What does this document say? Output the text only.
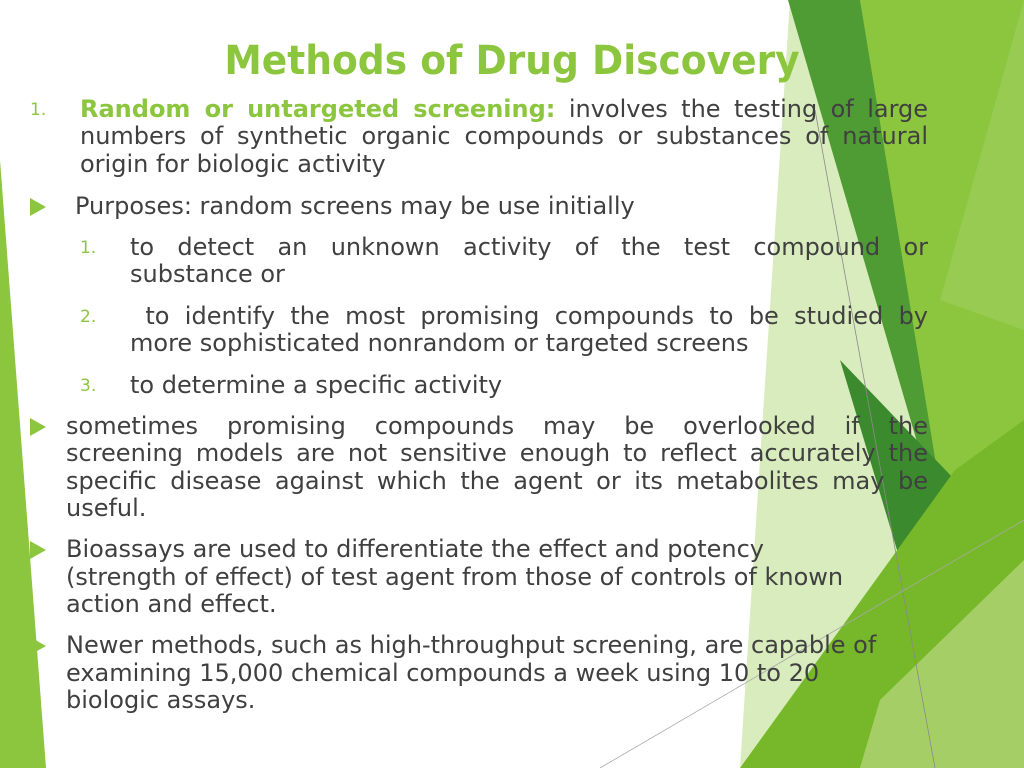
Methods of Drug Discovery
1. Random or untargeted screening: involves the testing of large
numbers of synthetic organic compounds or substances of natural
origin for biologic activity
Purposes: random screens may be use initially
1. to detect an unknown activity of the test compound or
substance or
2. to identify the most promising compounds to be studied by
more sophisticated nonrandom or targeted screens
3. to determine a specific activity
sometimes promising compounds may be overlooked if the
screening models are not sensitive enough to reflect accurately the
specific disease against which the agent or its metabolites may be
useful.
Bioassays are used to differentiate the effect and potency
(strength of effect) of test agent from those of controls of known
action and effect.
Newer methods, such as high-throughput screening, are capable of
examining 15,000 chemical compounds a week using 10 to 20
biologic assays.
